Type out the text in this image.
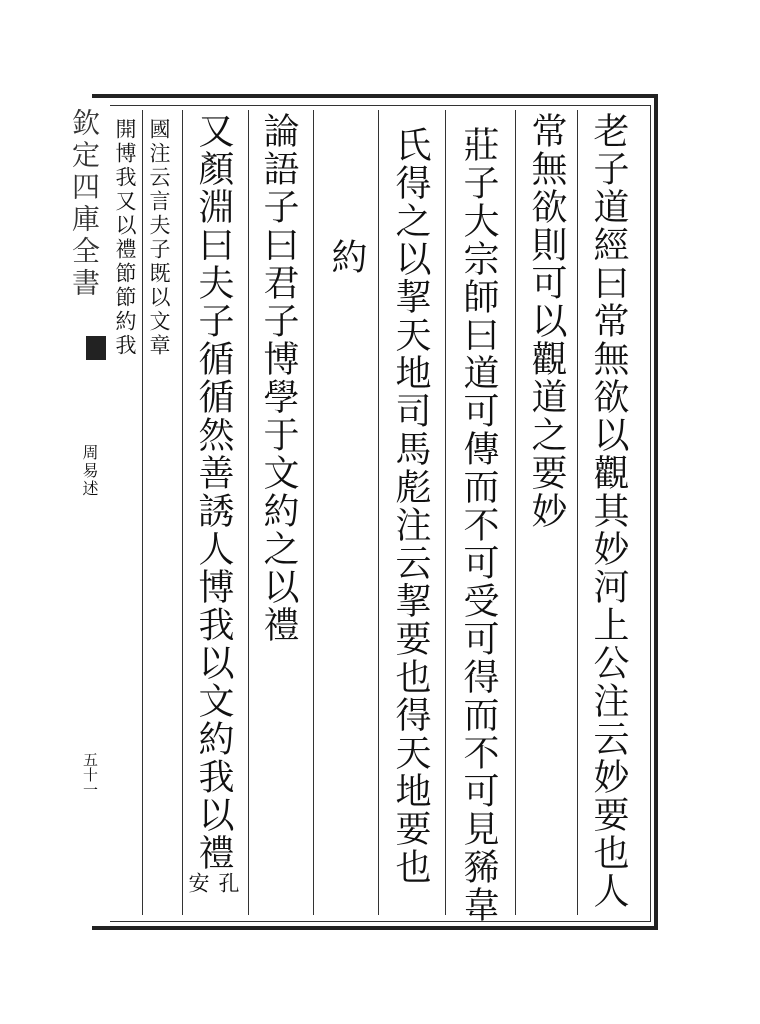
欽定四庫全書
周易述
五十一	老子道經曰常無欲以觀其妙河上公注云妙要也人
常無欲則可以觀道之要妙
莊子大宗師曰道可傳而不可受可得而不可見豨韋
氏得之以挈天地司馬彪注云挈要也得天地要也
約
論語子曰君子博學于文約之以禮
又顏淵曰夫子循循然善誘人博我以文約我以禮
孔
安
國注云言夫子既以文章
開博我又以禮節節約我
